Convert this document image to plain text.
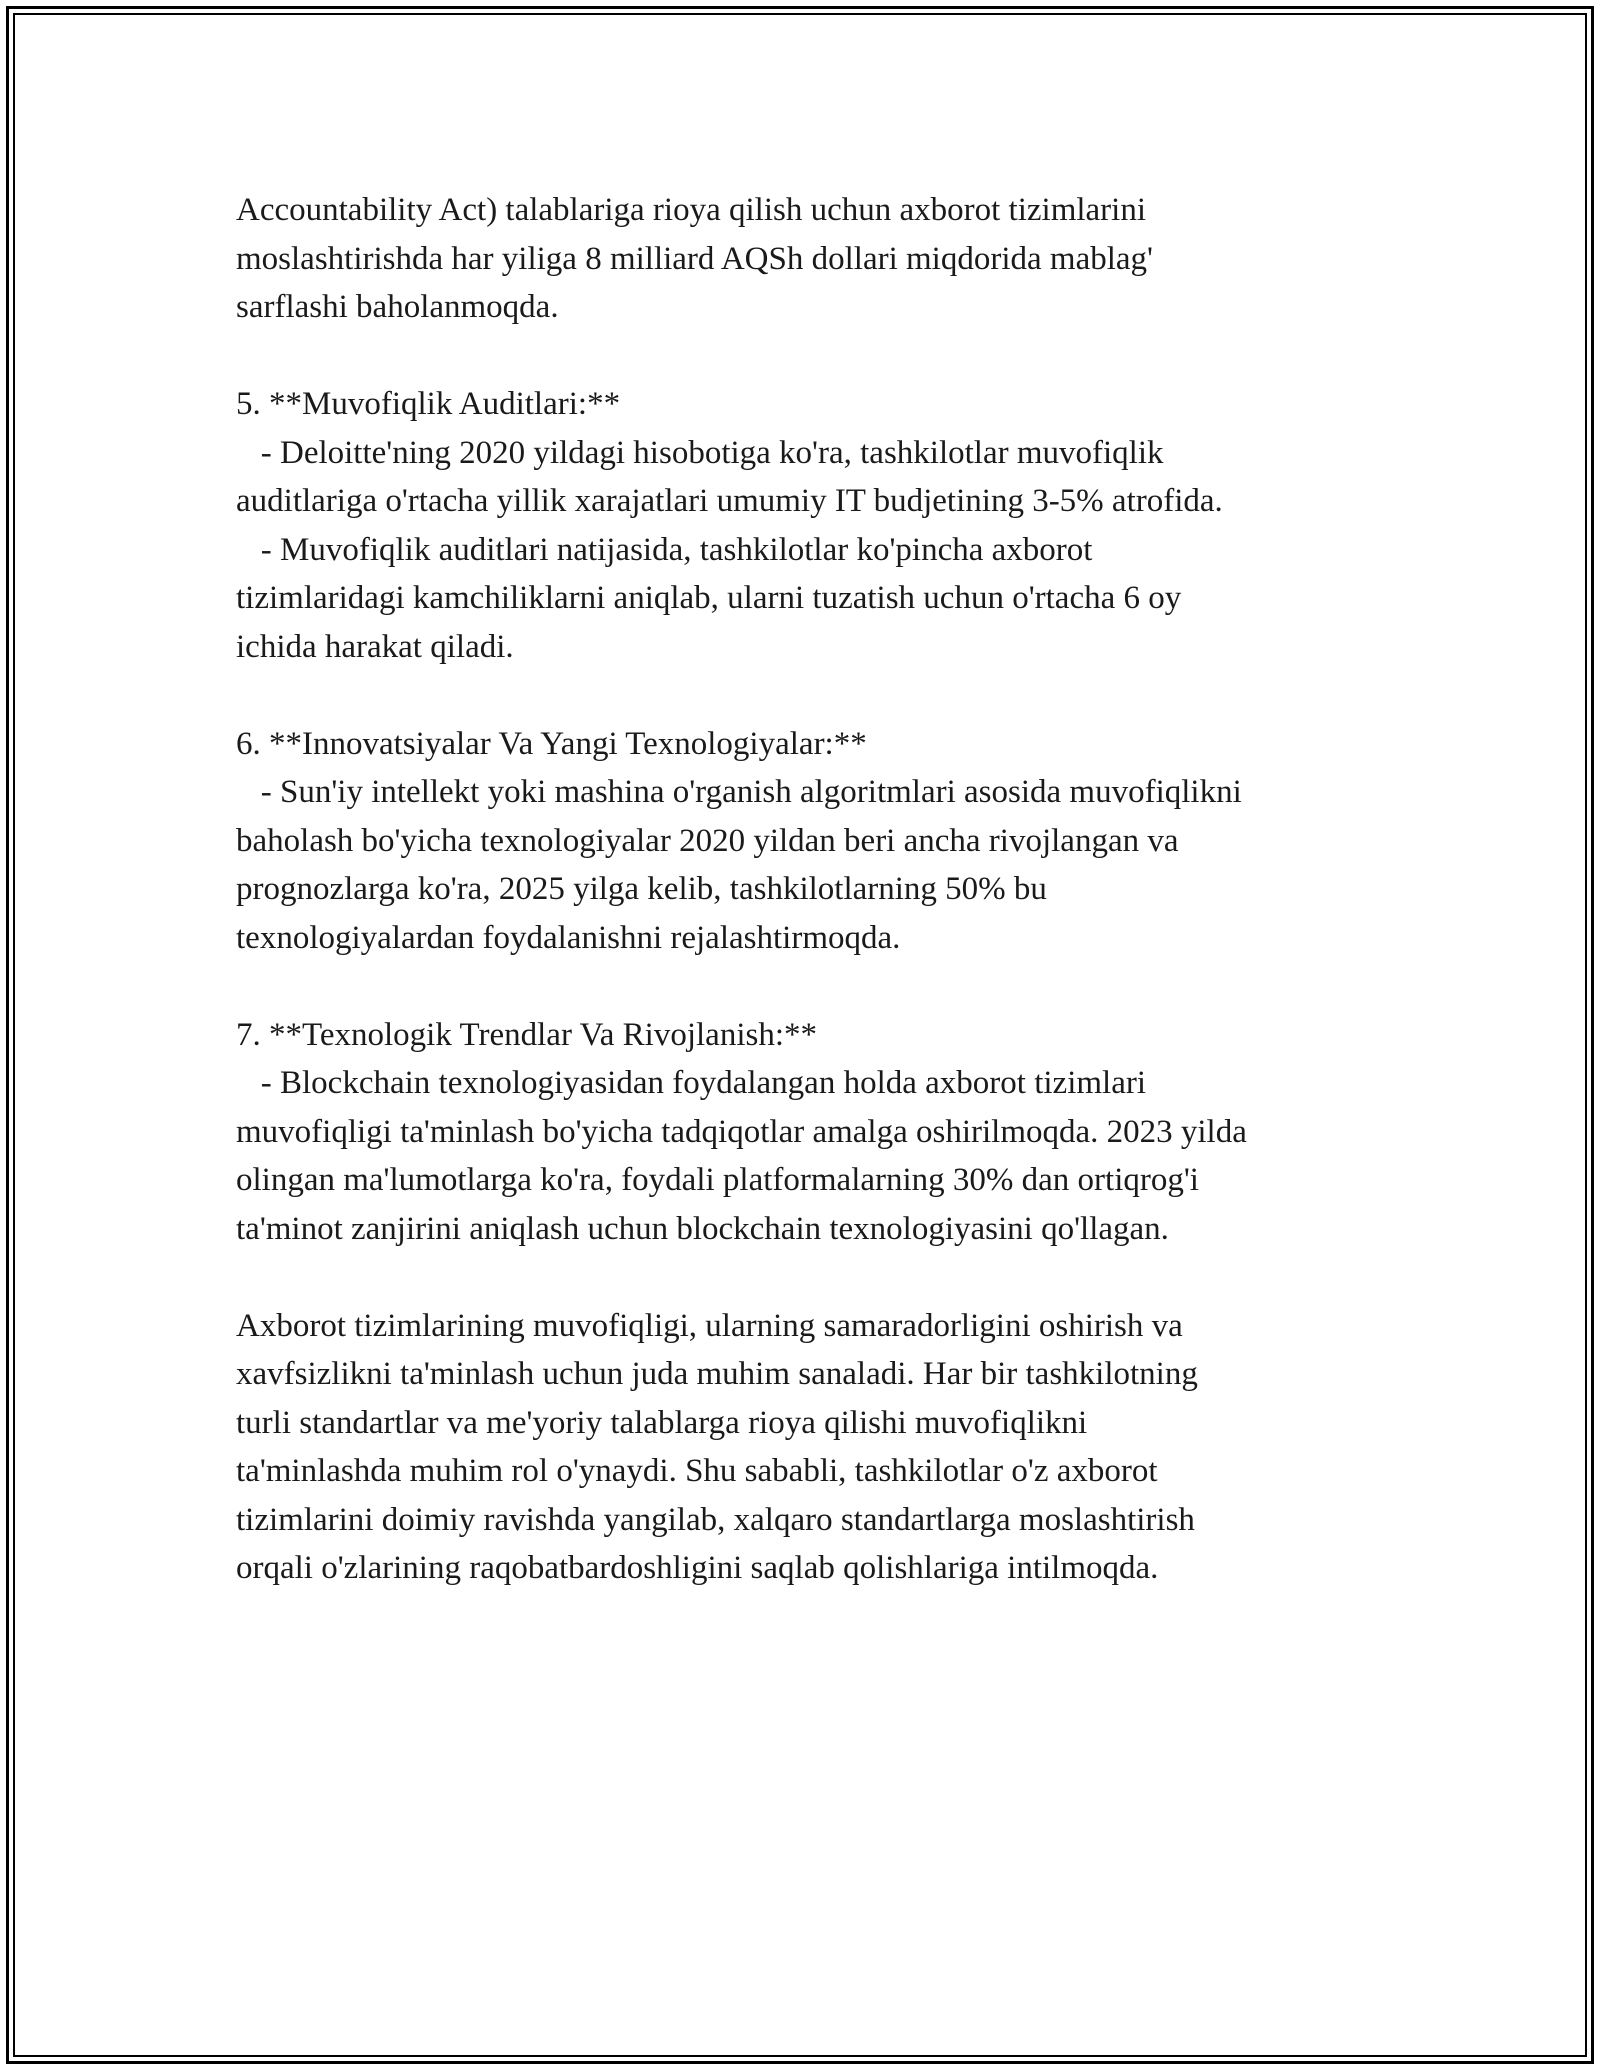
Accountability Act) talablariga rioya qilish uchun axborot tizimlarini
moslashtirishda har yiliga 8 milliard AQSh dollari miqdorida mablag'
sarflashi baholanmoqda.
5. **Muvofiqlik Auditlari:**
- Deloitte'ning 2020 yildagi hisobotiga ko'ra, tashkilotlar muvofiqlik
auditlariga o'rtacha yillik xarajatlari umumiy IT budjetining 3-5% atrofida.
- Muvofiqlik auditlari natijasida, tashkilotlar ko'pincha axborot
tizimlaridagi kamchiliklarni aniqlab, ularni tuzatish uchun o'rtacha 6 oy
ichida harakat qiladi.
6. **Innovatsiyalar Va Yangi Texnologiyalar:**
- Sun'iy intellekt yoki mashina o'rganish algoritmlari asosida muvofiqlikni
baholash bo'yicha texnologiyalar 2020 yildan beri ancha rivojlangan va
prognozlarga ko'ra, 2025 yilga kelib, tashkilotlarning 50% bu
texnologiyalardan foydalanishni rejalashtirmoqda.
7. **Texnologik Trendlar Va Rivojlanish:**
- Blockchain texnologiyasidan foydalangan holda axborot tizimlari
muvofiqligi ta'minlash bo'yicha tadqiqotlar amalga oshirilmoqda. 2023 yilda
olingan ma'lumotlarga ko'ra, foydali platformalarning 30% dan ortiqrog'i
ta'minot zanjirini aniqlash uchun blockchain texnologiyasini qo'llagan.
Axborot tizimlarining muvofiqligi, ularning samaradorligini oshirish va
xavfsizlikni ta'minlash uchun juda muhim sanaladi. Har bir tashkilotning
turli standartlar va me'yoriy talablarga rioya qilishi muvofiqlikni
ta'minlashda muhim rol o'ynaydi. Shu sababli, tashkilotlar o'z axborot
tizimlarini doimiy ravishda yangilab, xalqaro standartlarga moslashtirish
orqali o'zlarining raqobatbardoshligini saqlab qolishlariga intilmoqda.
